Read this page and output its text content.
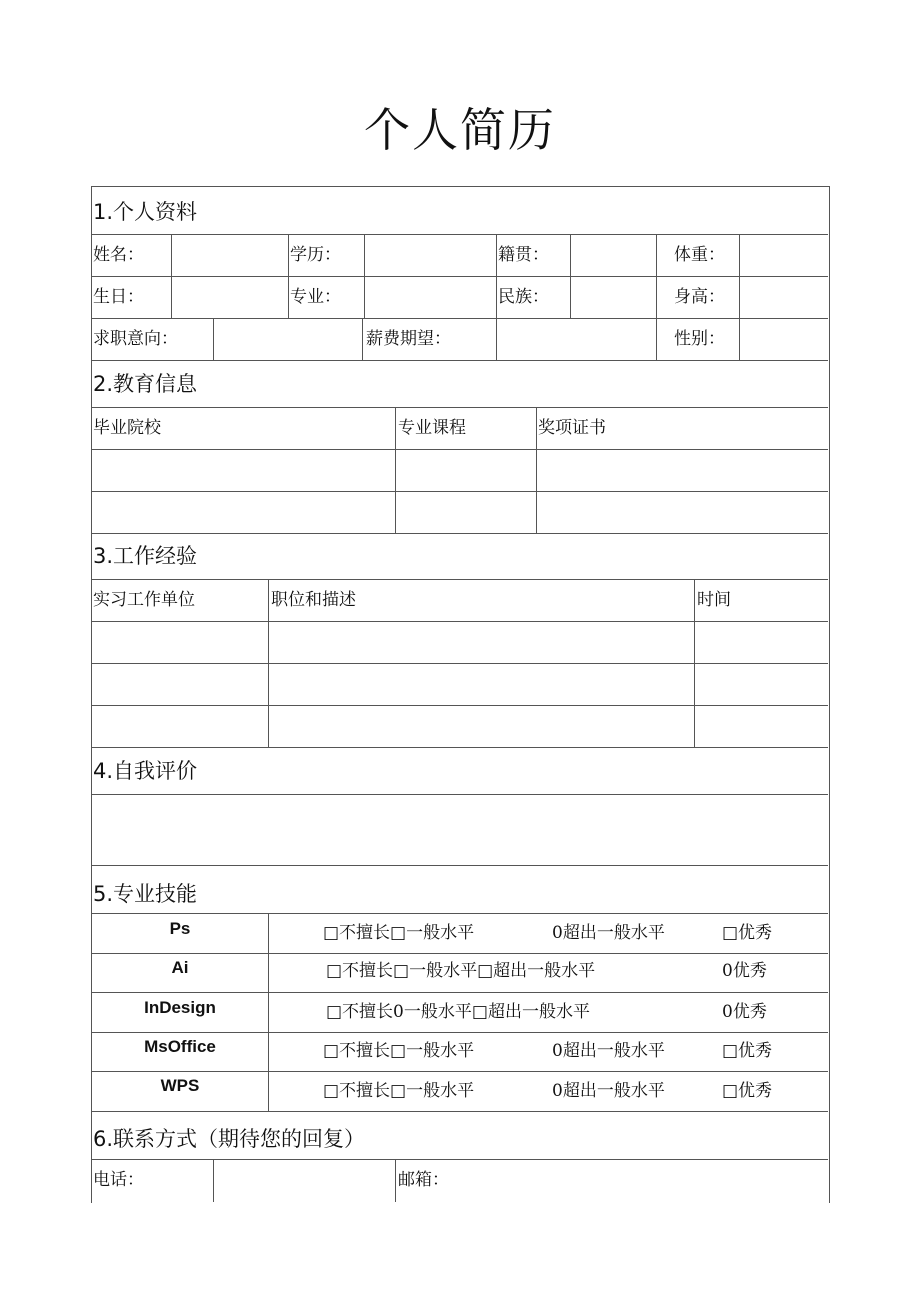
个人简历
1.个人资料
2.教育信息
3.工作经验
4.自我评价
5.专业技能
6.联系方式（期待您的回复）
姓名：	学历：	籍贯：	体重：
生日：	专业：	民族：	身高：
求职意向：	薪费期望：	性别：
毕业院校	专业课程	奖项证书
实习工作单位	职位和描述	时间
Ps	□不擅长□一般水平	0超出一般水平	□优秀
Ai	□不擅长□一般水平□超出一般水平	0优秀
InDesign	□不擅长0一般水平□超出一般水平	0优秀
MsOffice	□不擅长□一般水平	0超出一般水平	□优秀
WPS	□不擅长□一般水平	0超出一般水平	□优秀
电话：	邮箱：
